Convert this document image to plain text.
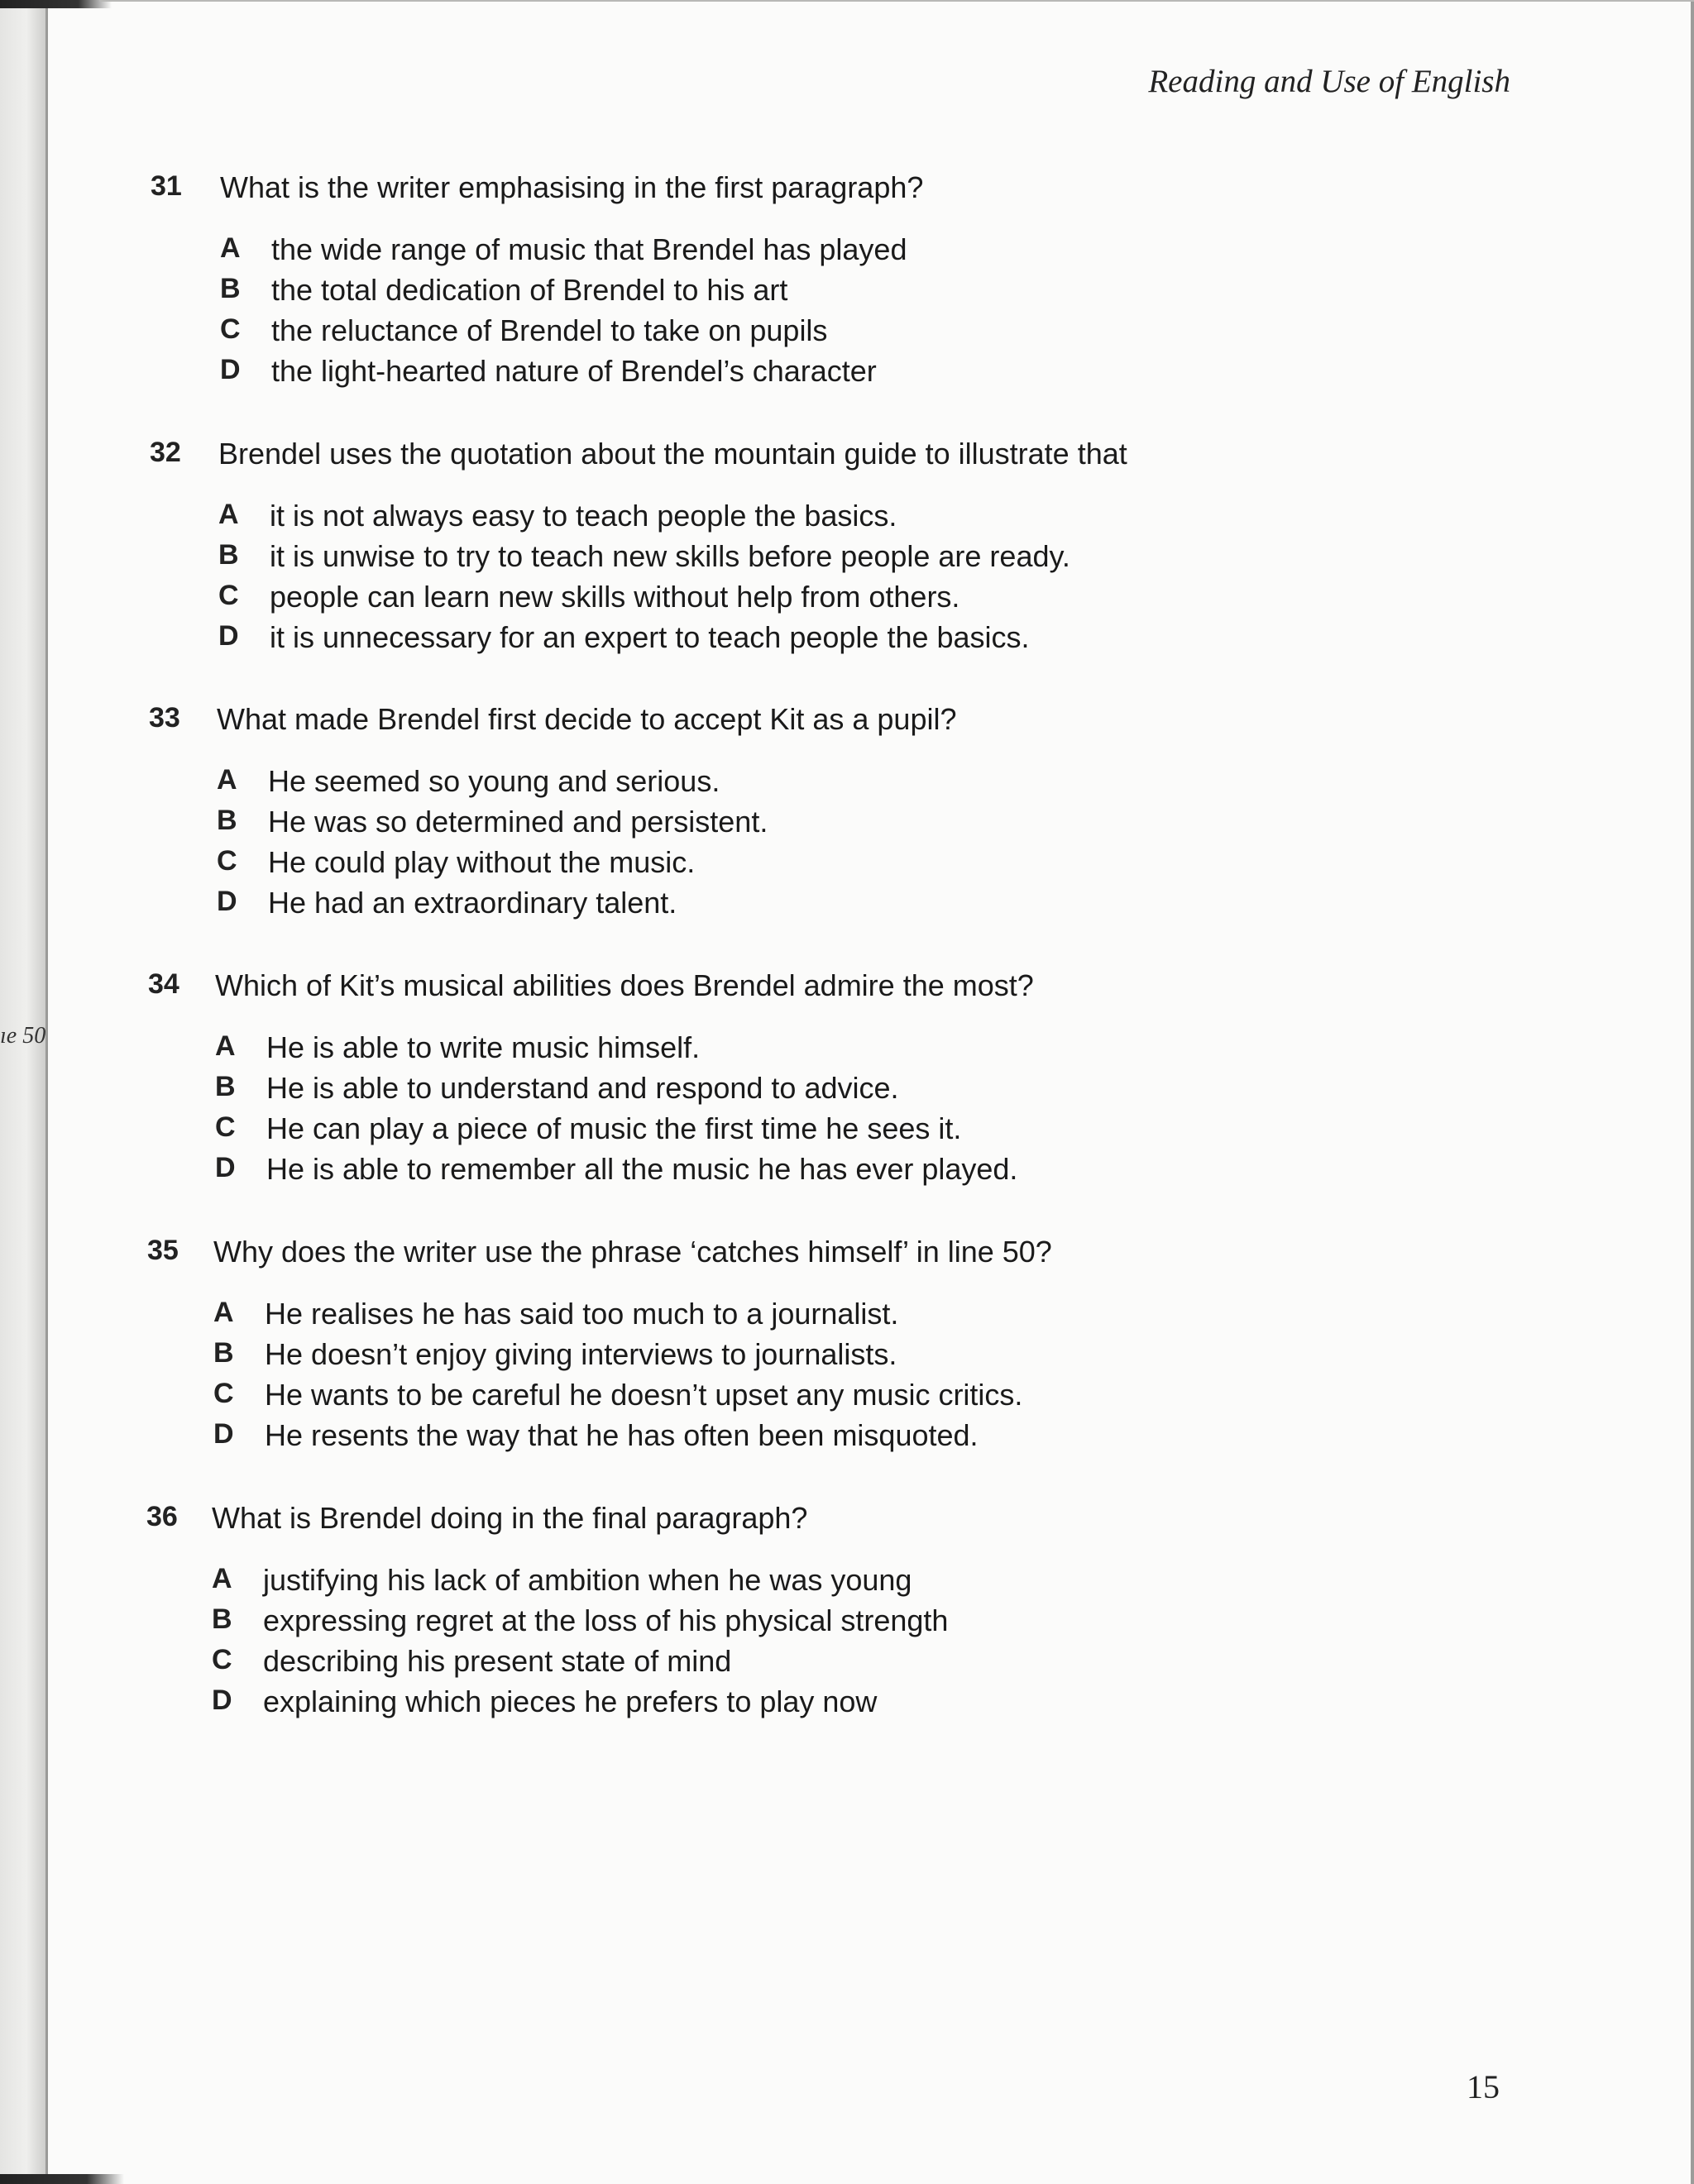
ıe 50
Reading and Use of English
31 What is the writer emphasising in the first paragraph?
A the wide range of music that Brendel has played
B the total dedication of Brendel to his art
C the reluctance of Brendel to take on pupils
D the light-hearted nature of Brendel’s character
32 Brendel uses the quotation about the mountain guide to illustrate that
A it is not always easy to teach people the basics.
B it is unwise to try to teach new skills before people are ready.
C people can learn new skills without help from others.
D it is unnecessary for an expert to teach people the basics.
33 What made Brendel first decide to accept Kit as a pupil?
A He seemed so young and serious.
B He was so determined and persistent.
C He could play without the music.
D He had an extraordinary talent.
34 Which of Kit’s musical abilities does Brendel admire the most?
A He is able to write music himself.
B He is able to understand and respond to advice.
C He can play a piece of music the first time he sees it.
D He is able to remember all the music he has ever played.
35 Why does the writer use the phrase ‘catches himself’ in line 50?
A He realises he has said too much to a journalist.
B He doesn’t enjoy giving interviews to journalists.
C He wants to be careful he doesn’t upset any music critics.
D He resents the way that he has often been misquoted.
36 What is Brendel doing in the final paragraph?
A justifying his lack of ambition when he was young
B expressing regret at the loss of his physical strength
C describing his present state of mind
D explaining which pieces he prefers to play now
15
